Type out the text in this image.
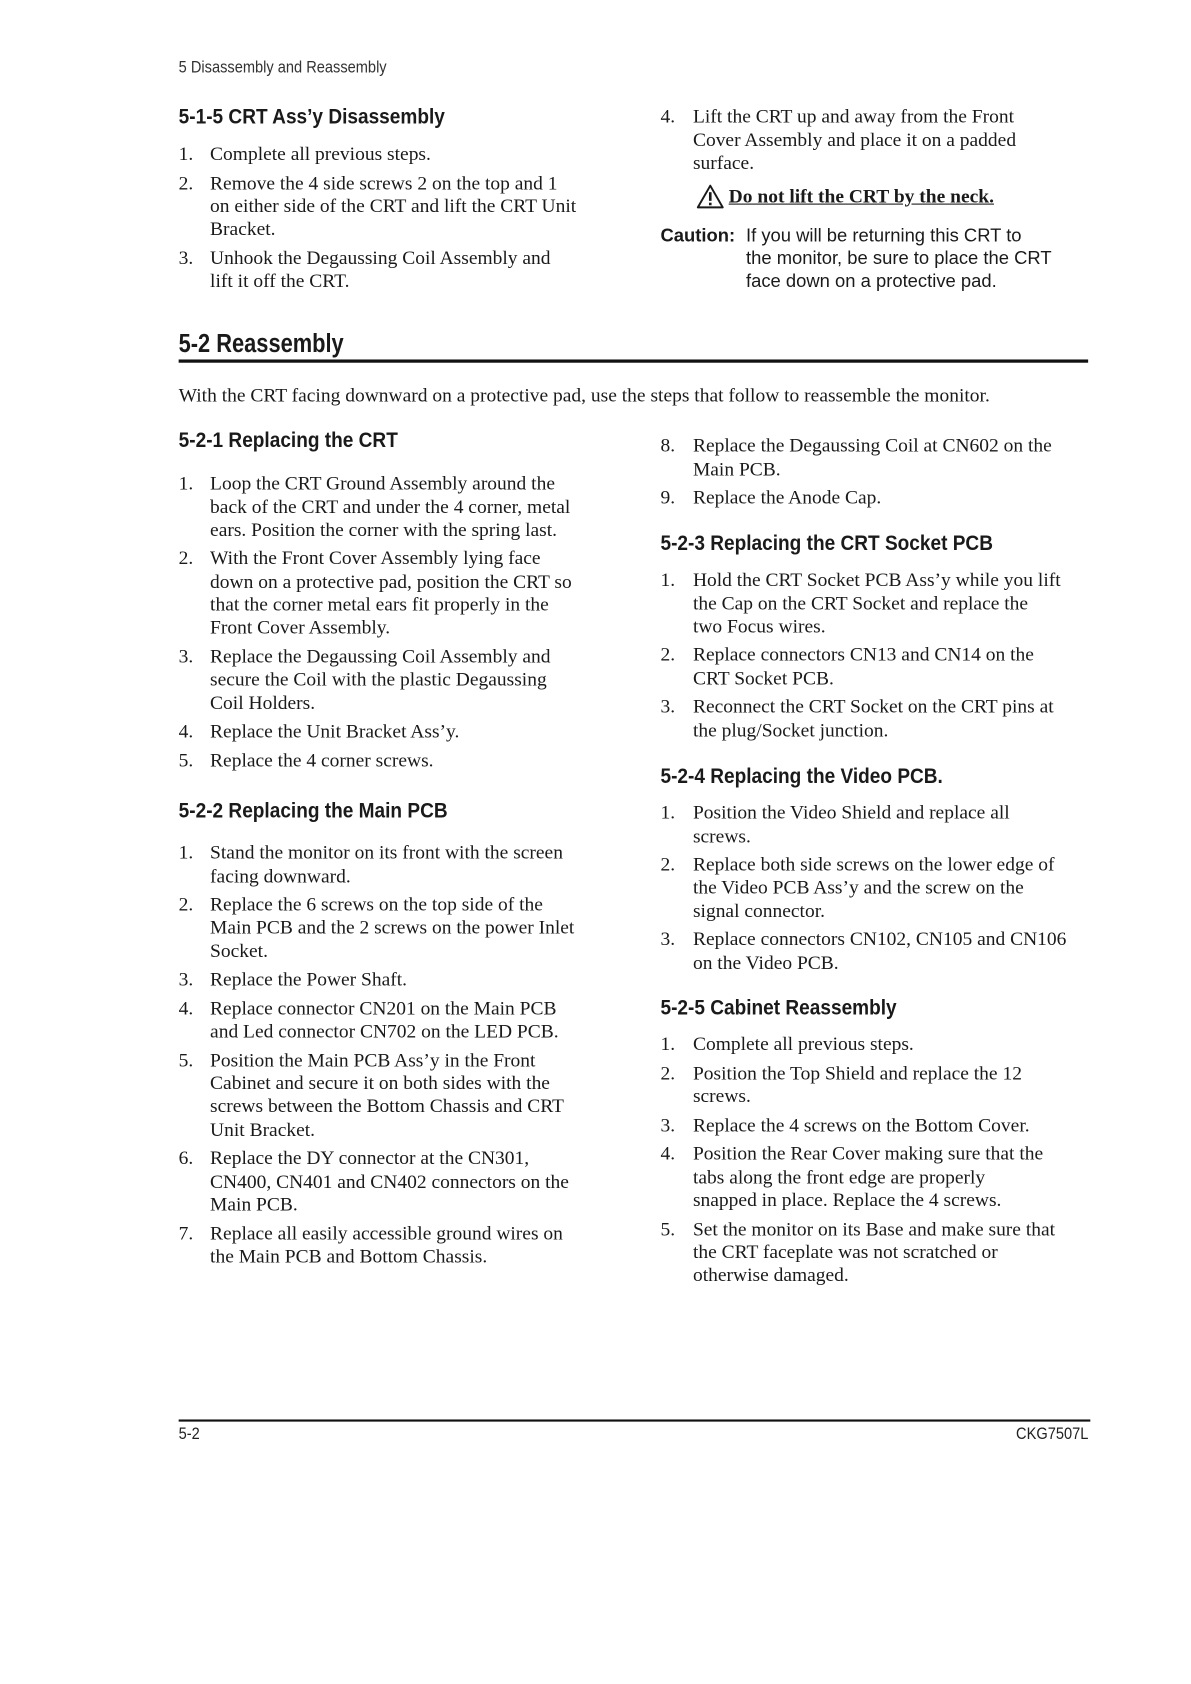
5 Disassembly and Reassembly
5-1-5 CRT Ass’y Disassembly
1. Complete all previous steps.
2. Remove the 4 side screws 2 on the top and 1
on either side of the CRT and lift the CRT Unit
Bracket.
3. Unhook the Degaussing Coil Assembly and
lift it off the CRT.
4. Lift the CRT up and away from the Front
Cover Assembly and place it on a padded
surface.
Do not lift the CRT by the neck.
Caution: If you will be returning this CRT to
the monitor, be sure to place the CRT
face down on a protective pad.
5-2 Reassembly
With the CRT facing downward on a protective pad, use the steps that follow to reassemble the monitor.
5-2-1 Replacing the CRT
1. Loop the CRT Ground Assembly around the
back of the CRT and under the 4 corner, metal
ears. Position the corner with the spring last.
2. With the Front Cover Assembly lying face
down on a protective pad, position the CRT so
that the corner metal ears fit properly in the
Front Cover Assembly.
3. Replace the Degaussing Coil Assembly and
secure the Coil with the plastic Degaussing
Coil Holders.
4. Replace the Unit Bracket Ass’y.
5. Replace the 4 corner screws.
5-2-2 Replacing the Main PCB
1. Stand the monitor on its front with the screen
facing downward.
2. Replace the 6 screws on the top side of the
Main PCB and the 2 screws on the power Inlet
Socket.
3. Replace the Power Shaft.
4. Replace connector CN201 on the Main PCB
and Led connector CN702 on the LED PCB.
5. Position the Main PCB Ass’y in the Front
Cabinet and secure it on both sides with the
screws between the Bottom Chassis and CRT
Unit Bracket.
6. Replace the DY connector at the CN301,
CN400, CN401 and CN402 connectors on the
Main PCB.
7. Replace all easily accessible ground wires on
the Main PCB and Bottom Chassis.
8. Replace the Degaussing Coil at CN602 on the
Main PCB.
9. Replace the Anode Cap.
5-2-3 Replacing the CRT Socket PCB
1. Hold the CRT Socket PCB Ass’y while you lift
the Cap on the CRT Socket and replace the
two Focus wires.
2. Replace connectors CN13 and CN14 on the
CRT Socket PCB.
3. Reconnect the CRT Socket on the CRT pins at
the plug/Socket junction.
5-2-4 Replacing the Video PCB.
1. Position the Video Shield and replace all
screws.
2. Replace both side screws on the lower edge of
the Video PCB Ass’y and the screw on the
signal connector.
3. Replace connectors CN102, CN105 and CN106
on the Video PCB.
5-2-5 Cabinet Reassembly
1. Complete all previous steps.
2. Position the Top Shield and replace the 12
screws.
3. Replace the 4 screws on the Bottom Cover.
4. Position the Rear Cover making sure that the
tabs along the front edge are properly
snapped in place. Replace the 4 screws.
5. Set the monitor on its Base and make sure that
the CRT faceplate was not scratched or
otherwise damaged.
5-2	CKG7507L
